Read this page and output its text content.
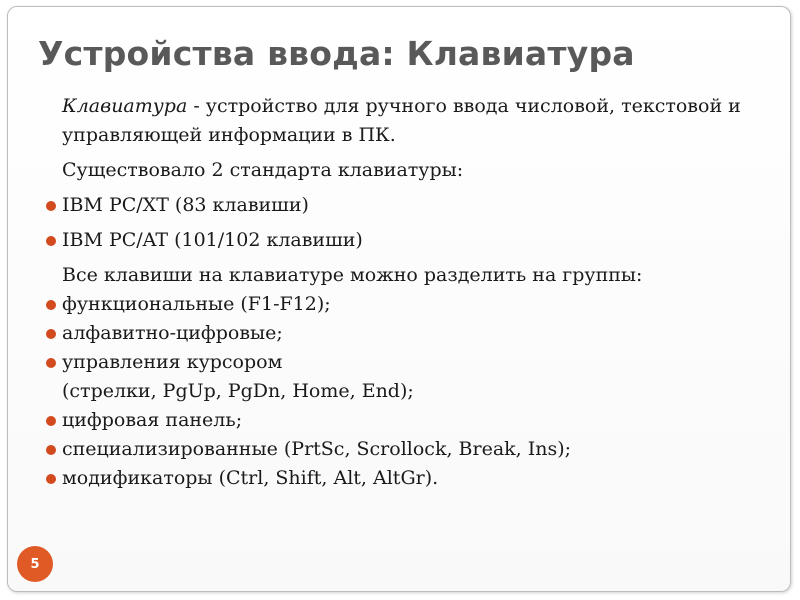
Устройства ввода: Клавиатура
Клавиатура - устройство для ручного ввода числовой, текстовой и
управляющей информации в ПК.
Существовало 2 стандарта клавиатуры:
IBM PC/XT (83 клавиши)
IBM PC/AT (101/102 клавиши)
Все клавиши на клавиатуре можно разделить на группы:
функциональные (F1-F12);
алфавитно-цифровые;
управления курсором
(стрелки, PgUp, PgDn, Home, End);
цифровая панель;
специализированные (PrtSc, Scrollock, Break, Ins);
модификаторы (Ctrl, Shift, Alt, AltGr).
5
